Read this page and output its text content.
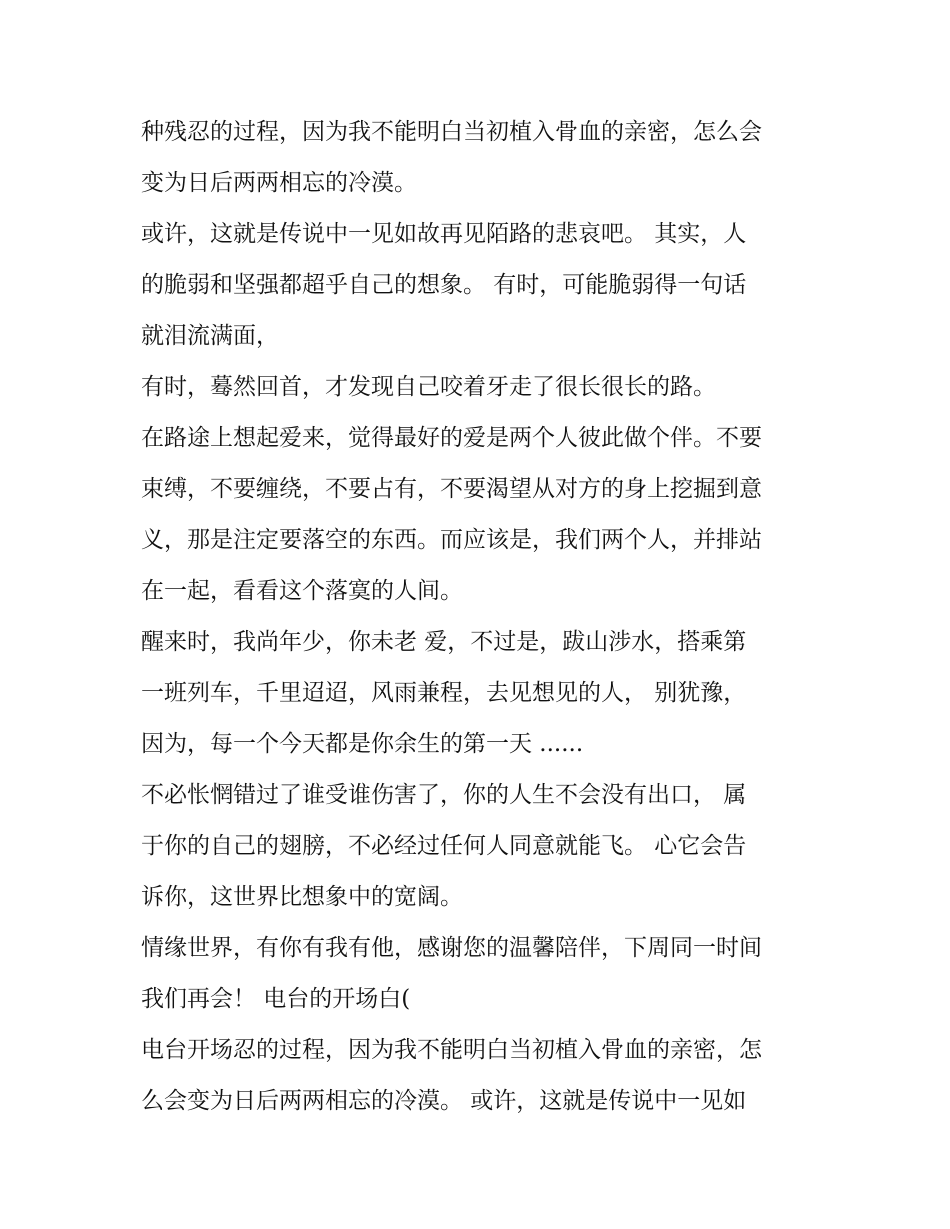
种残忍的过程，因为我不能明白当初植入骨血的亲密，怎么会
变为日后两两相忘的冷漠。
或许，这就是传说中一见如故再见陌路的悲哀吧。 其实，人
的脆弱和坚强都超乎自己的想象。 有时，可能脆弱得一句话
就泪流满面，
有时，蓦然回首，才发现自己咬着牙走了很长很长的路。
在路途上想起爱来，觉得最好的爱是两个人彼此做个伴。不要
束缚，不要缠绕，不要占有，不要渴望从对方的身上挖掘到意
义，那是注定要落空的东西。而应该是，我们两个人，并排站
在一起，看看这个落寞的人间。
醒来时，我尚年少，你未老 爱，不过是，跋山涉水，搭乘第
一班列车，千里迢迢，风雨兼程，去见想见的人， 别犹豫，
因为，每一个今天都是你余生的第一天 ......
不必怅惘错过了谁受谁伤害了，你的人生不会没有出口， 属
于你的自己的翅膀，不必经过任何人同意就能飞。 心它会告
诉你，这世界比想象中的宽阔。
情缘世界，有你有我有他，感谢您的温馨陪伴，下周同一时间
我们再会！ 电台的开场白(
电台开场忍的过程，因为我不能明白当初植入骨血的亲密，怎
么会变为日后两两相忘的冷漠。 或许，这就是传说中一见如
